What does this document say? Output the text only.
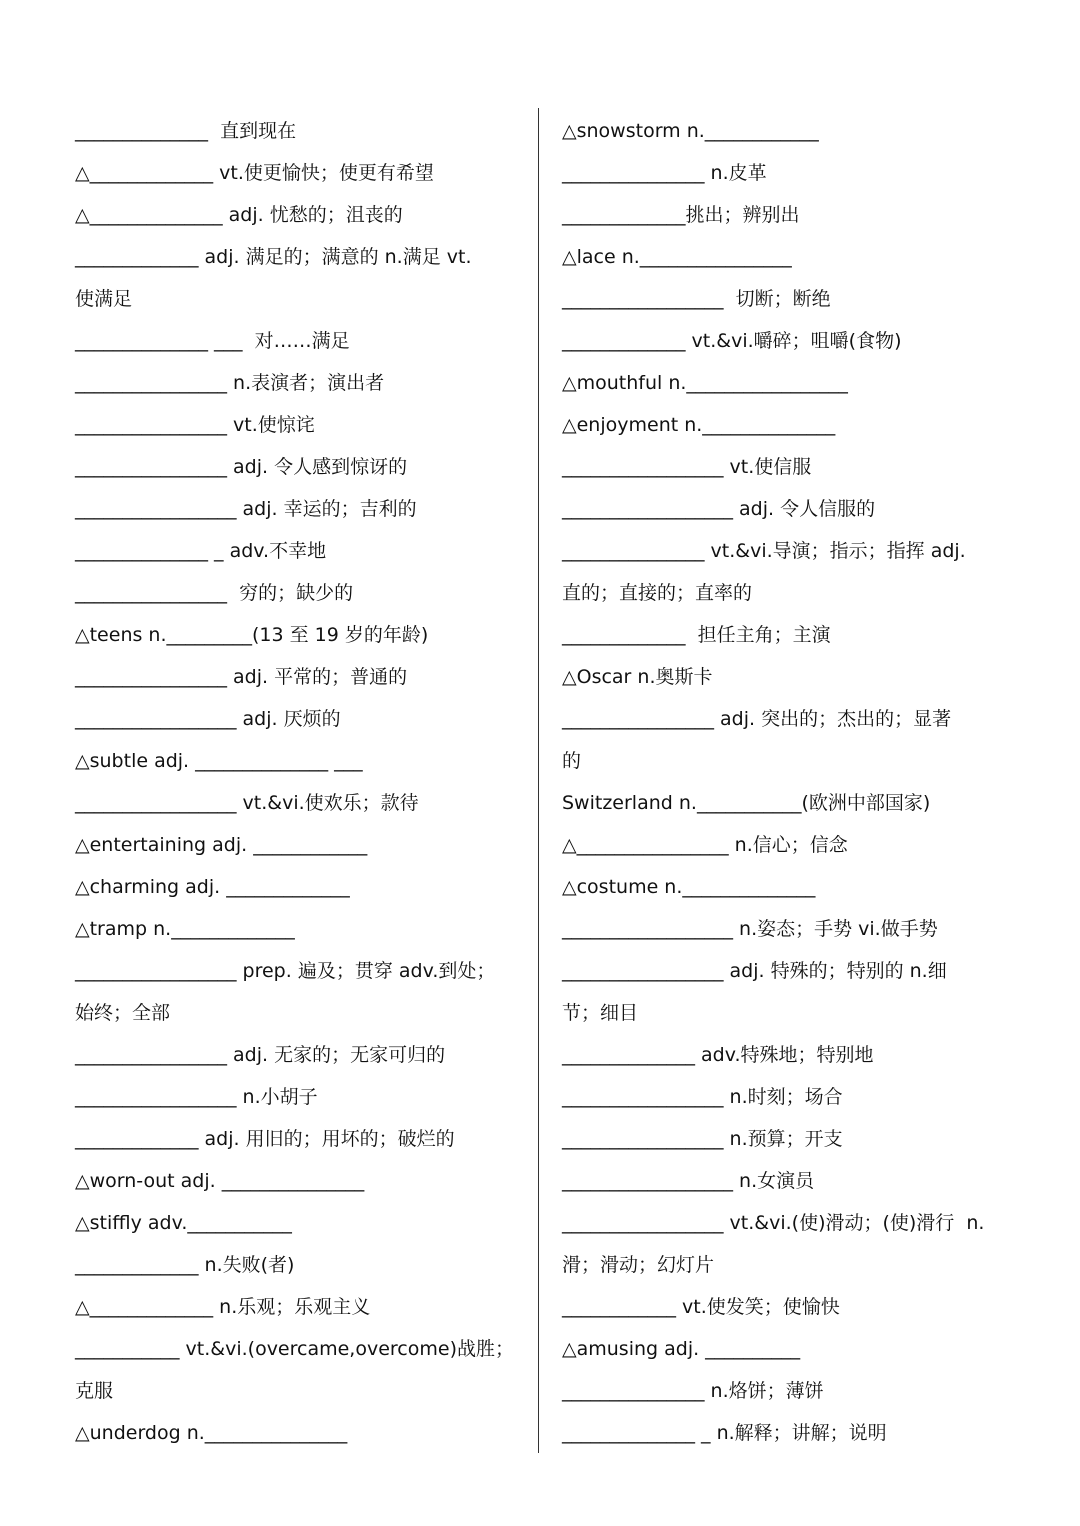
______________  直到现在
△_____________ vt.使更愉快；使更有希望
△______________ adj. 忧愁的；沮丧的
_____________ adj. 满足的；满意的 n.满足 vt.
使满足
______________ ___  对……满足
________________ n.表演者；演出者
________________ vt.使惊诧
________________ adj. 令人感到惊讶的
_________________ adj. 幸运的；吉利的
______________ _ adv.不幸地
________________  穷的；缺少的
△teens n._________(13 至 19 岁的年龄)
________________ adj. 平常的；普通的
_________________ adj. 厌烦的
△subtle adj. ______________ ___
_________________ vt.&vi.使欢乐；款待
△entertaining adj. ____________
△charming adj. _____________
△tramp n._____________
_________________ prep. 遍及；贯穿 adv.到处；
始终；全部
________________ adj. 无家的；无家可归的
_________________ n.小胡子
_____________ adj. 用旧的；用坏的；破烂的
△worn-out adj. _______________
△stiffly adv.___________
_____________ n.失败(者)
△_____________ n.乐观；乐观主义
___________ vt.&vi.(overcame,overcome)战胜；
克服
△underdog n._______________
△snowstorm n.____________
_______________ n.皮革
_____________挑出；辨别出
△lace n.________________
_________________  切断；断绝
_____________ vt.&vi.嚼碎；咀嚼(食物)
△mouthful n._________________
△enjoyment n.______________
_________________ vt.使信服
__________________ adj. 令人信服的
_______________ vt.&vi.导演；指示；指挥 adj.
直的；直接的；直率的
_____________  担任主角；主演
△Oscar n.奥斯卡
________________ adj. 突出的；杰出的；显著
的
Switzerland n.___________(欧洲中部国家)
△________________ n.信心；信念
△costume n.______________
__________________ n.姿态；手势 vi.做手势
_________________ adj. 特殊的；特别的 n.细
节；细目
______________ adv.特殊地；特别地
_________________ n.时刻；场合
_________________ n.预算；开支
__________________ n.女演员
_________________ vt.&vi.(使)滑动；(使)滑行  n.
滑；滑动；幻灯片
____________ vt.使发笑；使愉快
△amusing adj. __________
_______________ n.烙饼；薄饼
______________ _ n.解释；讲解；说明
